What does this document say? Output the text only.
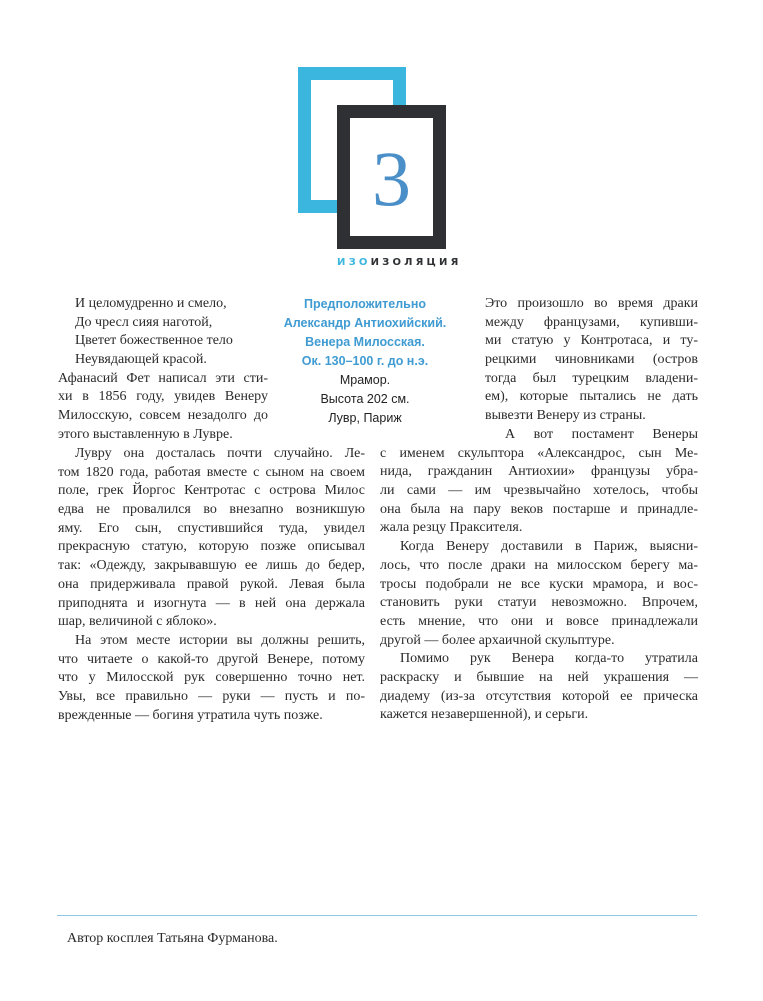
3
ИЗОИЗОЛЯЦИЯ
Предположительно
Александр Антиохийский.
Венера Милосская.
Ок. 130–100 г. до н.э.
Мрамор.
Высота 202 см.
Лувр, Париж
И целомудренно и смело,
До чресл сияя наготой,
Цветет божественное тело
Неувядающей красой.
Афанасий Фет написал эти сти-
хи в 1856 году, увидев Венеру
Милосскую, совсем незадолго до
этого выставленную в Лувре.
Лувру она досталась почти случайно. Ле-
том 1820 года, работая вместе с сыном на своем
поле, грек Йоргос Кентротас с острова Милос
едва не провалился во внезапно возникшую
яму. Его сын, спустившийся туда, увидел
прекрасную статую, которую позже описывал
так: «Одежду, закрывавшую ее лишь до бедер,
она придерживала правой рукой. Левая была
приподнята и изогнута — в ней она держала
шар, величиной с яблоко».
На этом месте истории вы должны решить,
что читаете о какой-то другой Венере, потому
что у Милосской рук совершенно точно нет.
Увы, все правильно — руки — пусть и по-
врежденные — богиня утратила чуть позже.
Это произошло во время драки
между французами, купивши-
ми статую у Контротаса, и ту-
рецкими чиновниками (остров
тогда был турецким владени-
ем), которые пытались не дать
вывезти Венеру из страны.
А вот постамент Венеры
с именем скульптора «Александрос, сын Ме-
нида, гражданин Антиохии» французы убра-
ли сами — им чрезвычайно хотелось, чтобы
она была на пару веков постарше и принадле-
жала резцу Праксителя.
Когда Венеру доставили в Париж, выясни-
лось, что после драки на милосском берегу ма-
тросы подобрали не все куски мрамора, и вос-
становить руки статуи невозможно. Впрочем,
есть мнение, что они и вовсе принадлежали
другой — более архаичной скульптуре.
Помимо рук Венера когда-то утратила
раскраску и бывшие на ней украшения —
диадему (из-за отсутствия которой ее прическа
кажется незавершенной), и серьги.
Автор косплея Татьяна Фурманова.
